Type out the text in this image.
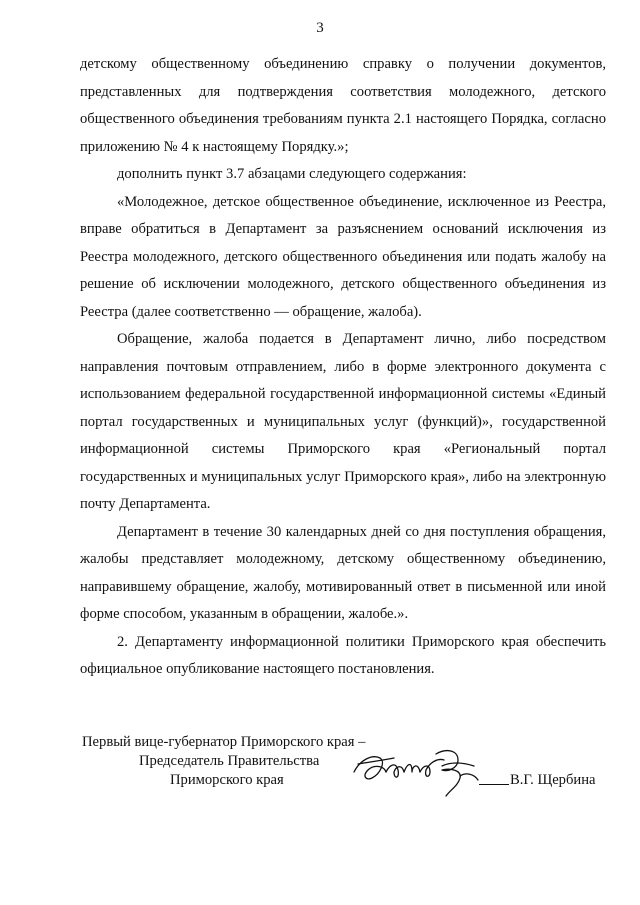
3

детскому общественному объединению справку о получении документов, представленных для подтверждения соответствия молодежного, детского общественного объединения требованиям пункта 2.1 настоящего Порядка, согласно приложению № 4 к настоящему Порядку.»;

дополнить пункт 3.7 абзацами следующего содержания:

«Молодежное, детское общественное объединение, исключенное из Реестра, вправе обратиться в Департамент за разъяснением оснований исключения из Реестра молодежного, детского общественного объединения или подать жалобу на решение об исключении молодежного, детского общественного объединения из Реестра (далее соответственно — обращение, жалоба).

Обращение, жалоба подается в Департамент лично, либо посредством направления почтовым отправлением, либо в форме электронного документа с использованием федеральной государственной информационной системы «Единый портал государственных и муниципальных услуг (функций)», государственной информационной системы Приморского края «Региональный портал государственных и муниципальных услуг Приморского края», либо на электронную почту Департамента.

Департамент в течение 30 календарных дней со дня поступления обращения, жалобы представляет молодежному, детскому общественному объединению, направившему обращение, жалобу, мотивированный ответ в письменной или иной форме способом, указанным в обращении, жалобе.».

2. Департаменту информационной политики Приморского края обеспечить официальное опубликование настоящего постановления.

Первый вице-губернатор Приморского края –
Председатель Правительства
Приморского края	В.Г. Щербина
